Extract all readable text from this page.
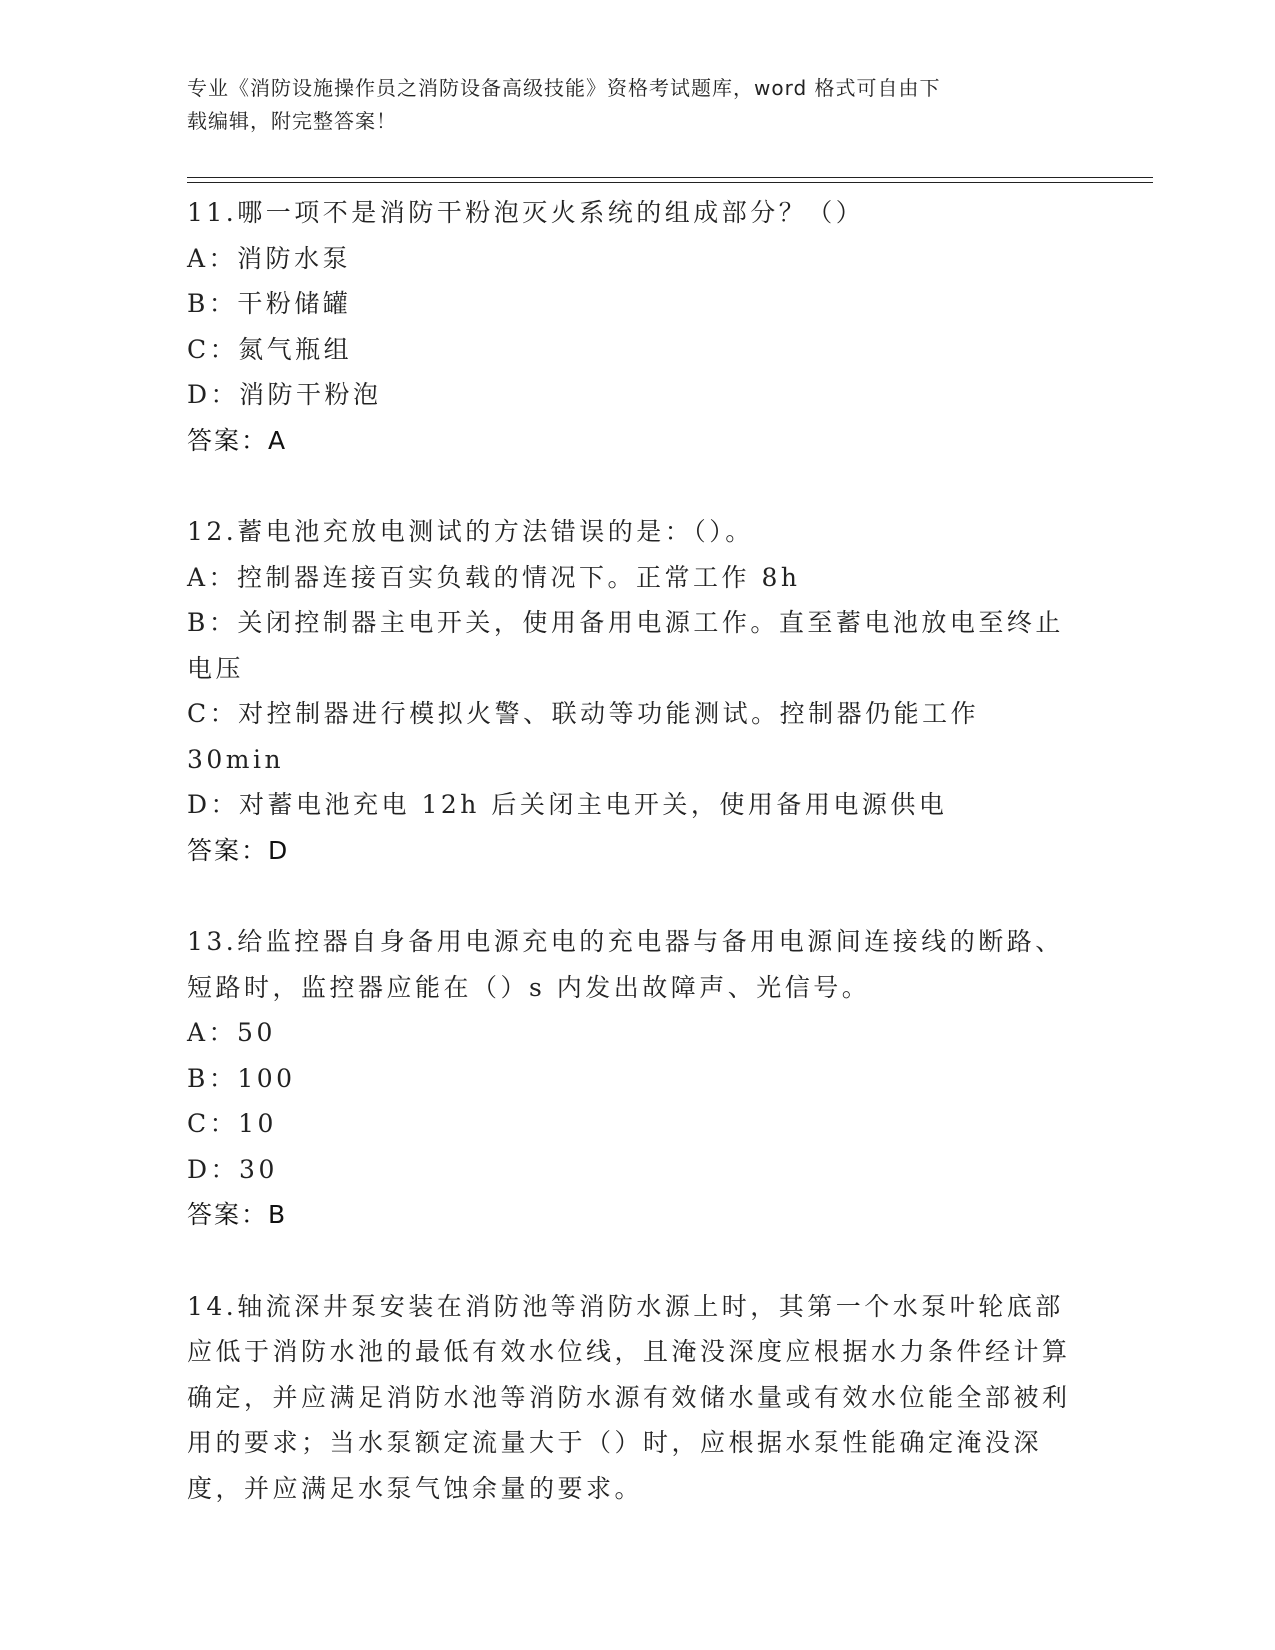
专业《消防设施操作员之消防设备高级技能》资格考试题库，word 格式可自由下
载编辑，附完整答案！
11.哪一项不是消防干粉泡灭火系统的组成部分？（）
A：消防水泵
B：干粉储罐
C：氮气瓶组
D：消防干粉泡
答案：A
12.蓄电池充放电测试的方法错误的是：（）。
A：控制器连接百实负载的情况下。正常工作 8h
B：关闭控制器主电开关，使用备用电源工作。直至蓄电池放电至终止电压
C：对控制器进行模拟火警、联动等功能测试。控制器仍能工作 30min
D：对蓄电池充电 12h 后关闭主电开关，使用备用电源供电
答案：D
13.给监控器自身备用电源充电的充电器与备用电源间连接线的断路、短路时，监控器应能在（）s 内发出故障声、光信号。
A：50
B：100
C：10
D：30
答案：B
14.轴流深井泵安装在消防池等消防水源上时，其第一个水泵叶轮底部应低于消防水池的最低有效水位线，且淹没深度应根据水力条件经计算确定，并应满足消防水池等消防水源有效储水量或有效水位能全部被利用的要求；当水泵额定流量大于（）时，应根据水泵性能确定淹没深度，并应满足水泵气蚀余量的要求。
